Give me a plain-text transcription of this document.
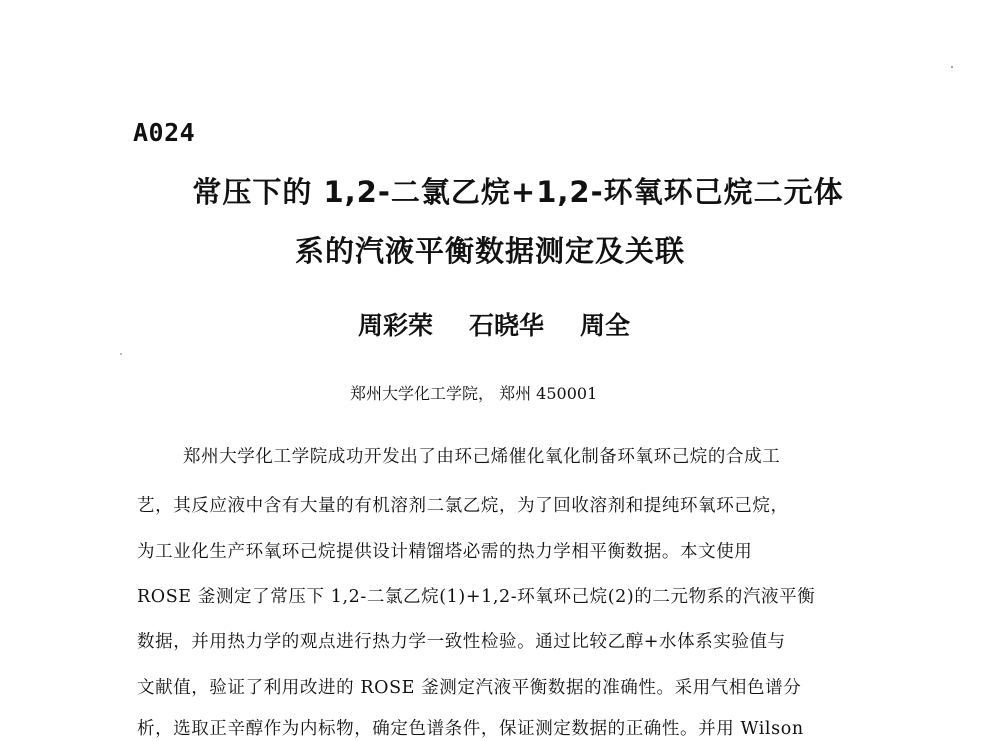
A024
常压下的 1,2-二氯乙烷+1,2-环氧环己烷二元体
系的汽液平衡数据测定及关联
周彩荣 石晓华 周全
郑州大学化工学院， 郑州 450001

郑州大学化工学院成功开发出了由环己烯催化氧化制备环氧环己烷的合成工

艺，其反应液中含有大量的有机溶剂二氯乙烷，为了回收溶剂和提纯环氧环己烷，

为工业化生产环氧环己烷提供设计精馏塔必需的热力学相平衡数据。本文使用

ROSE 釜测定了常压下 1,2-二氯乙烷(1)+1,2-环氧环己烷(2)的二元物系的汽液平衡

数据，并用热力学的观点进行热力学一致性检验。通过比较乙醇+水体系实验值与

文献值，验证了利用改进的 ROSE 釜测定汽液平衡数据的准确性。采用气相色谱分

析，选取正辛醇作为内标物，确定色谱条件，保证测定数据的正确性。并用 Wilson
